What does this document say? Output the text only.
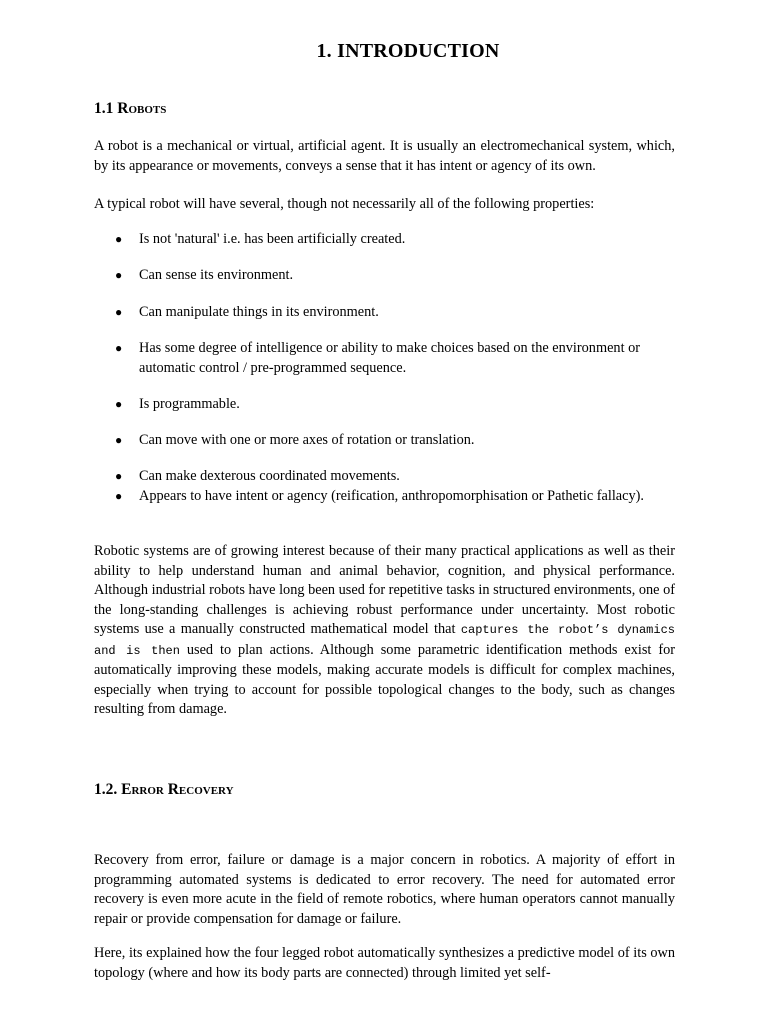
1. INTRODUCTION
1.1 Robots

A robot is a mechanical or virtual, artificial agent. It is usually an electromechanical system, which, by its appearance or movements, conveys a sense that it has intent or agency of its own.

A typical robot will have several, though not necessarily all of the following properties:

● Is not 'natural' i.e. has been artificially created.
● Can sense its environment.
● Can manipulate things in its environment.
● Has some degree of intelligence or ability to make choices based on the environment or automatic control / pre-programmed sequence.
● Is programmable.
● Can move with one or more axes of rotation or translation.
● Can make dexterous coordinated movements.
● Appears to have intent or agency (reification, anthropomorphisation or Pathetic fallacy).

Robotic systems are of growing interest because of their many practical applications as well as their ability to help understand human and animal behavior, cognition, and physical performance. Although industrial robots have long been used for repetitive tasks in structured environments, one of the long-standing challenges is achieving robust performance under uncertainty. Most robotic systems use a manually constructed mathematical model that captures the robot’s dynamics and is then used to plan actions. Although some parametric identification methods exist for automatically improving these models, making accurate models is difficult for complex machines, especially when trying to account for possible topological changes to the body, such as changes resulting from damage.

1.2. Error Recovery

Recovery from error, failure or damage is a major concern in robotics. A majority of effort in programming automated systems is dedicated to error recovery. The need for automated error recovery is even more acute in the field of remote robotics, where human operators cannot manually repair or provide compensation for damage or failure.

Here, its explained how the four legged robot automatically synthesizes a predictive model of its own topology (where and how its body parts are connected) through limited yet self-
